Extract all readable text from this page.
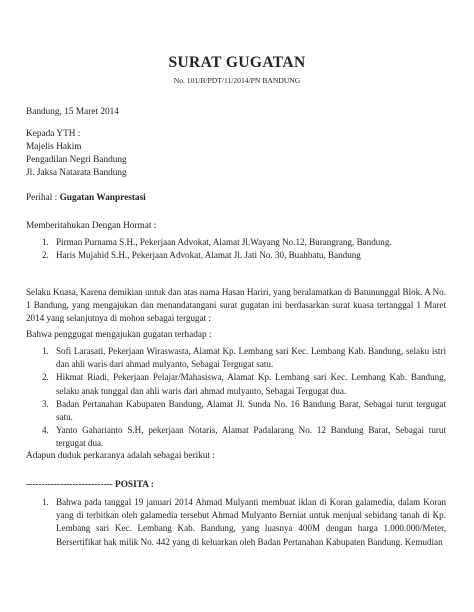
SURAT GUGATAN
No. 101/B/PDT/11/2014/PN BANDUNG
Bandung, 15 Maret 2014
Kepada YTH :
Majelis Hakim
Pengadilan Negri Bandung
Jl. Jaksa Natarata Bandung
Perihal : Gugatan Wanprestasi
Memberitahukan Dengan Hormat :
1. Pirman Purnama S.H., Pekerjaan Advokat, Alamat Jl.Wayang No.12, Burangrang, Bandung.
2. Haris Mujahid S.H., Pekerjaan Advokat, Alamat Jl. Jati No. 30, Buahbatu, Bandung
Selaku Kuasa, Karena demikian untuk dan atas nama Hasan Hariri, yang beralamatkan di Batununggal Blok. A No. 1 Bandung, yang mengajukan dan menandatangani surat gugatan ini berdasarkan surat kuasa tertanggal 1 Maret 2014 yang selanjutnya di mohon sebagai tergugat :
Bahwa penggugat mengajukan gugatan terhadap :
1. Sofi Larasati, Pekerjaan Wiraswasta, Alamat Kp. Lembang sari Kec. Lembang Kab. Bandung, selaku istri dan ahli waris dari ahmad mulyanto, Sebagai Tergugat satu.
2. Hikmat Riadi, Pekerjaan Pelajar/Mahasiswa, Alamat Kp. Lembang sari Kec. Lembang Kab. Bandung, selaku anak tunggal dan ahli waris dari ahmad mulyanto, Sebagai Tergugat dua.
3. Badan Pertanahan Kabupaten Bandung, Alamat Jl. Sunda No. 16 Bandung Barat, Sebagai turut tergugat satu.
4. Yanto Gaharianto S.H, pekerjaan Notaris, Alamat Padalarang No. 12 Bandung Barat, Sebagai turut tergugat dua.
Adapun duduk perkaranya adalah sebagai berikut :
---------------------------- POSITA :
1. Bahwa pada tanggal 19 januari 2014 Ahmad Mulyanti membuat iklan di Koran galamedia, dalam Koran yang di terbitkan oleh galamedia tersebut Ahmad Mulyanto Berniat untuk menjual sebidang tanah di Kp. Lembang sari Kec. Lembang Kab. Bandung, yang luasnya 400M dengan harga 1.000.000/Meter, Bersertifikat hak milik No. 442 yang di keluarkan oleh Badan Pertanahan Kabupaten Bandung. Kemudian
